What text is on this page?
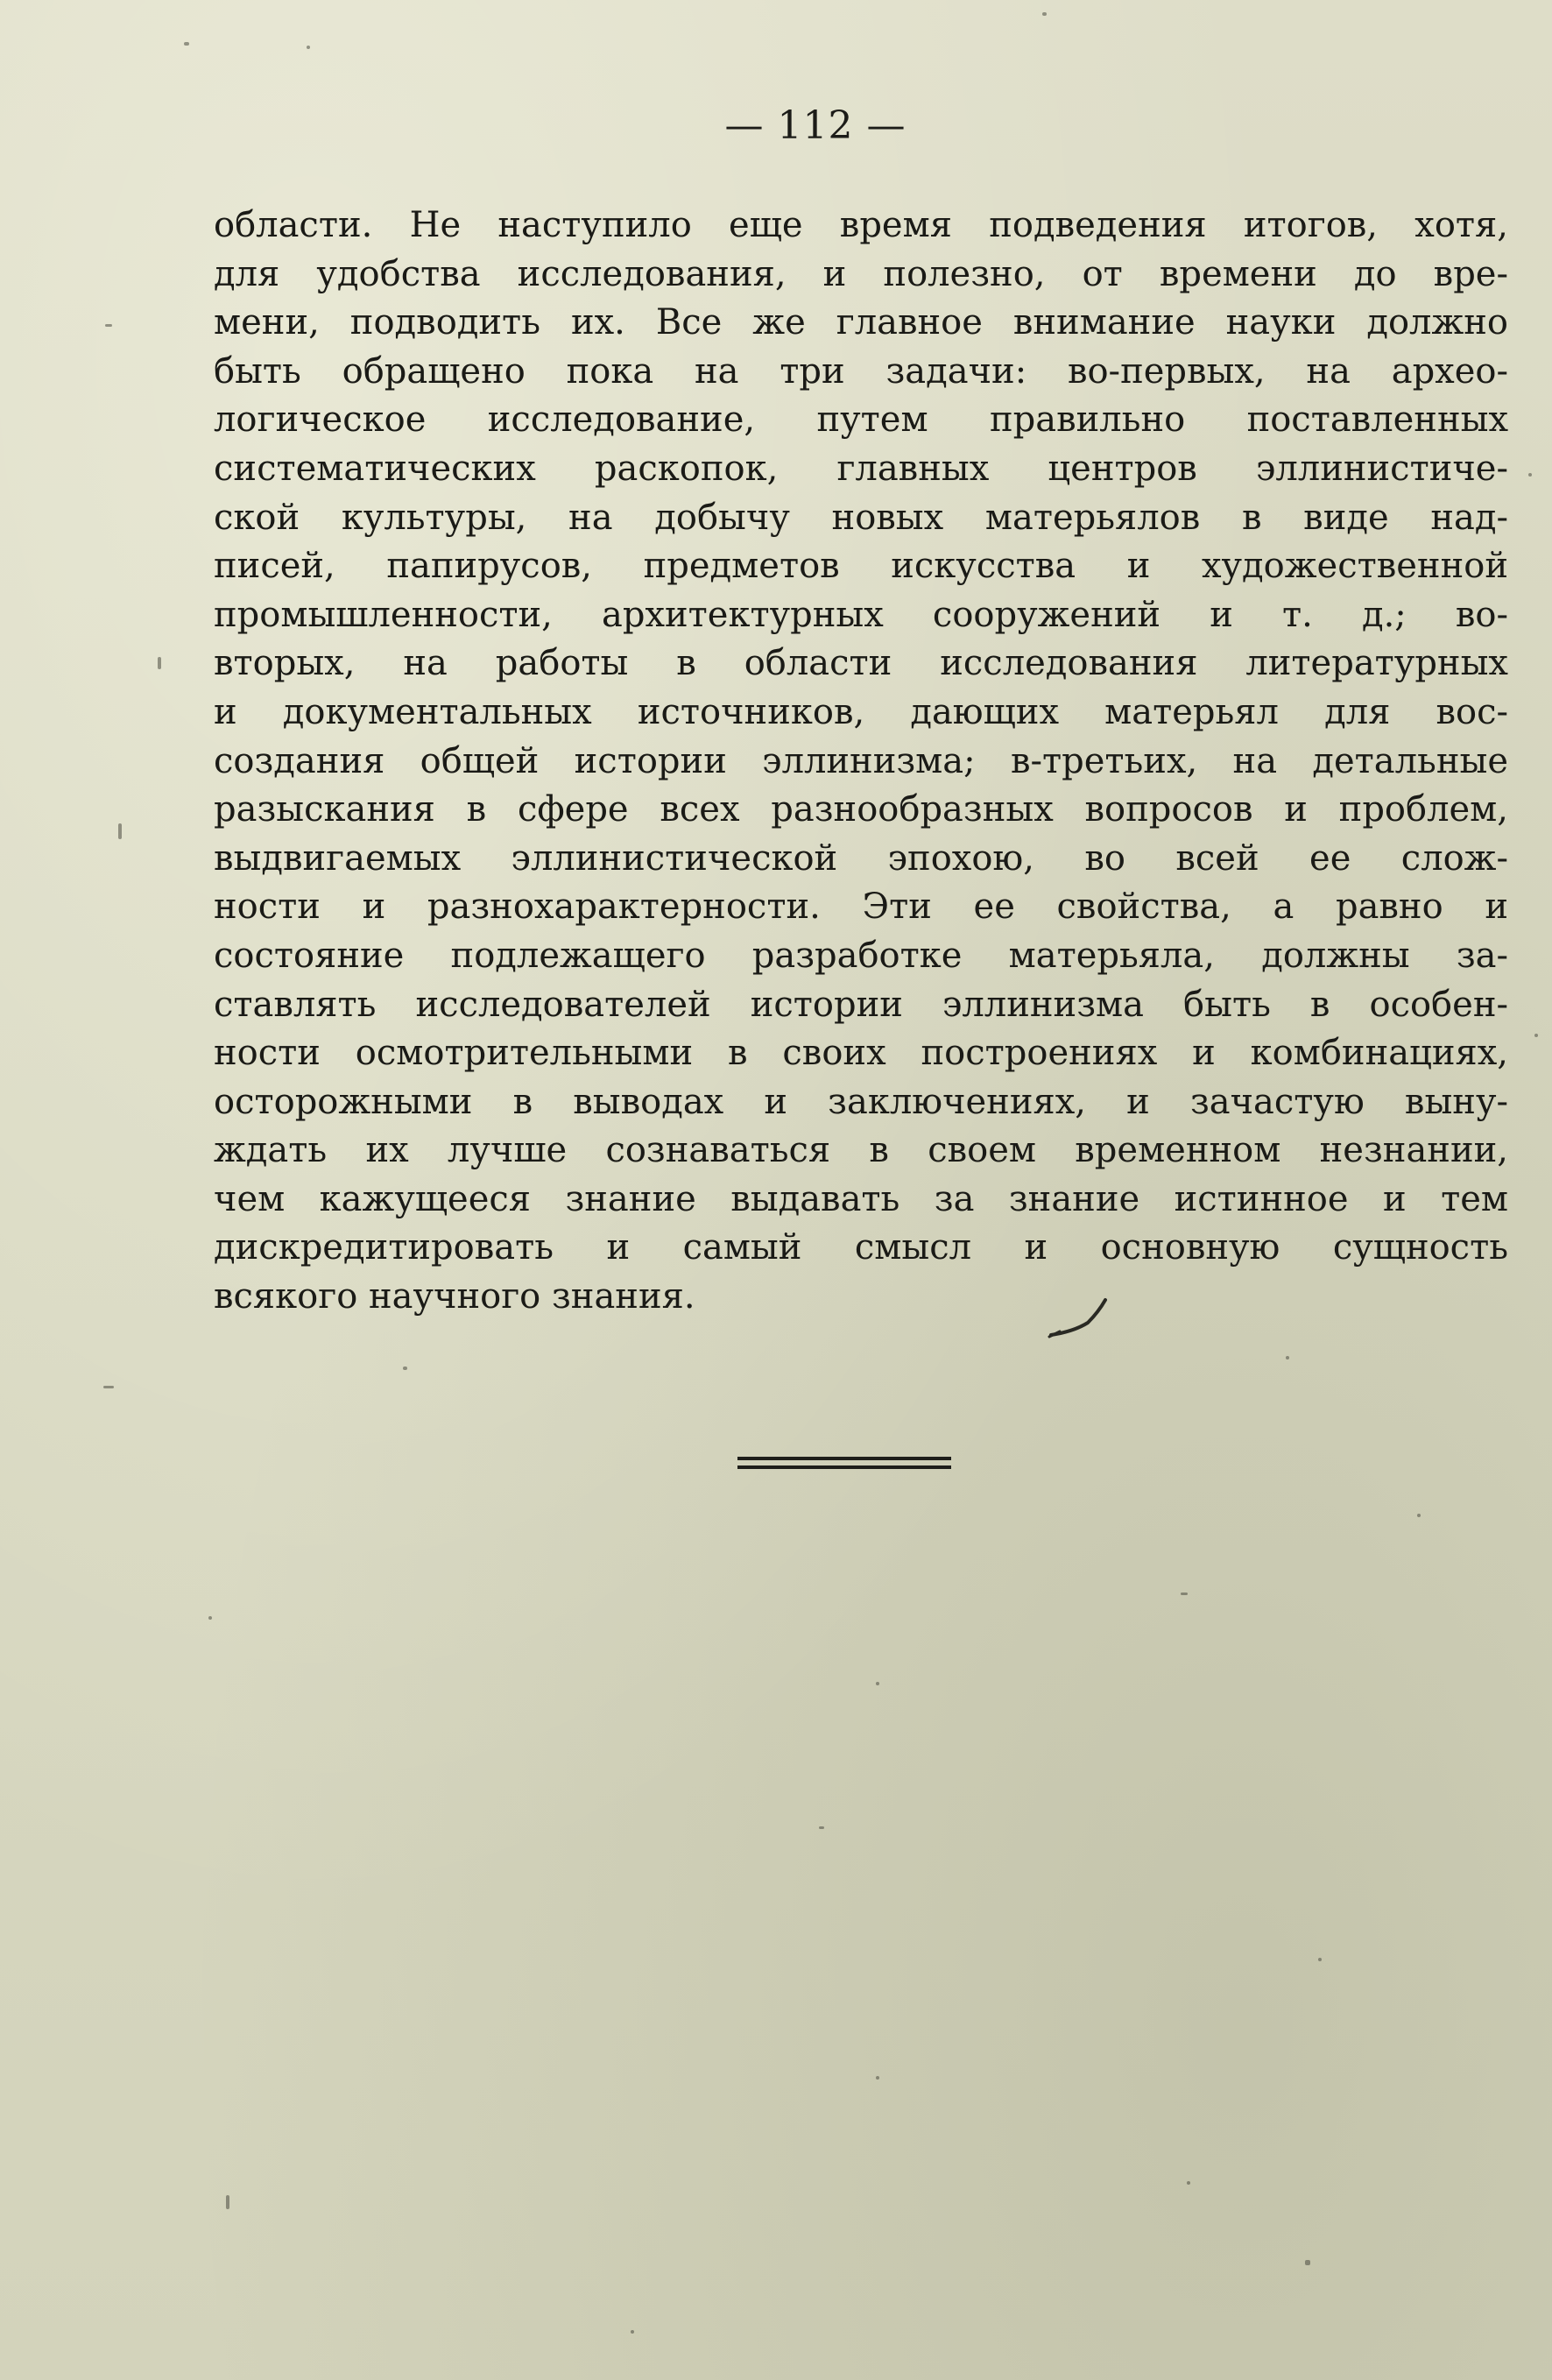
— 112 —
области. Не наступило еще время подведения итогов, хотя,
для удобства исследования, и полезно, от времени до вре-
мени, подводить их. Все же главное внимание науки должно
быть обращено пока на три задачи: во-первых, на архео-
логическое исследование, путем правильно поставленных
систематических раскопок, главных центров эллинистиче-
ской культуры, на добычу новых матерьялов в виде над-
писей, папирусов, предметов искусства и художественной
промышленности, архитектурных сооружений и т. д.; во-
вторых, на работы в области исследования литературных
и документальных источников, дающих матерьял для вос-
создания общей истории эллинизма; в-третьих, на детальные
разыскания в сфере всех разнообразных вопросов и проблем,
выдвигаемых эллинистической эпохою, во всей ее слож-
ности и разнохарактерности. Эти ее свойства, а равно и
состояние подлежащего разработке матерьяла, должны за-
ставлять исследователей истории эллинизма быть в особен-
ности осмотрительными в своих построениях и комбинациях,
осторожными в выводах и заключениях, и зачастую выну-
ждать их лучше сознаваться в своем временном незнании,
чем кажущееся знание выдавать за знание истинное и тем
дискредитировать и самый смысл и основную сущность
всякого научного знания.
